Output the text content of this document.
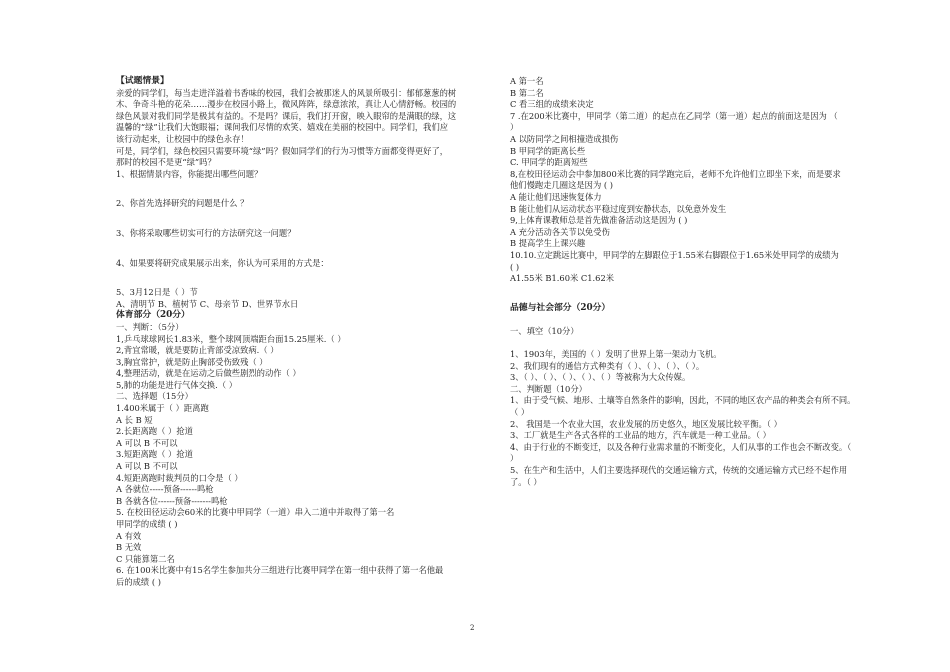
【试题情景】
亲爱的同学们，每当走进洋溢着书香味的校园，我们会被那迷人的风景所吸引：郁郁葱葱的树
木、争奇斗艳的花朵……漫步在校园小路上，微风阵阵，绿意浓浓，真让人心情舒畅。校园的
绿色风景对我们同学是极其有益的。不是吗？课后，我们打开窗，映入眼帘的是满眼的绿，这
温馨的“绿”让我们大饱眼福；课间我们尽情的欢笑、嬉戏在美丽的校园中。同学们，我们应
该行动起来，让校园中的绿色永存！
可是，同学们，绿色校园只需要环境“绿”吗？假如同学们的行为习惯等方面都变得更好了，
那时的校园不是更“绿”吗？
1、根据情景内容，你能提出哪些问题？
2、你首先选择研究的问题是什么 ？
3、你将采取哪些切实可行的方法研究这一问题？
4、如果要将研究成果展示出来，你认为可采用的方式是：
5、3月12日是（ ）节
A、清明节 B、植树节 C、母亲节 D、世界节水日
体育部分（20分）
一、判断：（5分）
1,乒乓球球网长1.83米，整个球网顶端距台面15.25厘米.（ ）
2,背宜常暖，就是要防止背部受凉致病.（ ）
3,胸宜常护，就是防止胸部受伤致残（ ）
4,整理活动，就是在运动之后做些剧烈的动作（ ）
5,肺的功能是进行气体交换.（ ）
二、选择题（15分）
1.400米属于（ ）距离跑
A 长 B 短
2.长距离跑（ ）抢道
A 可以 B 不可以
3.短距离跑（ ）抢道
A 可以 B 不可以
4.短距离跑时裁判员的口令是（ ）
A 各就位-----预备------鸣枪
B 各就各位------预备-------鸣枪
5. 在校田径运动会60米的比赛中甲同学（一道）串入二道中并取得了第一名
甲同学的成绩 ( )
A 有效
B 无效
C 只能算第二名
6. 在100米比赛中有15名学生参加共分三组进行比赛甲同学在第一组中获得了第一名他最
后的成绩 ( )
A 第一名
B 第二名
C 看三组的成绩来决定
7 .在200米比赛中，甲同学（第二道）的起点在乙同学（第一道）起点的前面这是因为 （
）
A 以防同学之间相撞造成损伤
B 甲同学的距离长些
C. 甲同学的距离短些
8,在校田径运动会中参加800米比赛的同学跑完后，老师不允许他们立即坐下来，而是要求
他们慢跑走几圈这是因为 ( )
A 能让他们迅速恢复体力
B 能让他们从运动状态平稳过度到安静状态，以免意外发生
9,上体育课教师总是首先做准备活动这是因为 ( )
A 充分活动各关节以免受伤
B 提高学生上课兴趣
10.10.立定跳远比赛中，甲同学的左脚跟位于1.55米右脚跟位于1.65米处甲同学的成绩为
( )
A1.55米 B1.60米 C1.62米
品德与社会部分（20分）
一、填空（10分）
1、1903年，美国的（ ）发明了世界上第一架动力飞机。
2、我们现有的通信方式种类有（ ）、（ ）、（ ）、（ ）。
3、（ ）、（ ）、（ ）、（ ）、（ ）等被称为大众传媒。
二、判断题（10分）
1、由于受气候、地形、土壤等自然条件的影响，因此，不同的地区农产品的种类会有所不同。
（ ）
2、 我国是一个农业大国，农业发展的历史悠久，地区发展比较平衡。（ ）
3、工厂就是生产各式各样的工业品的地方，汽车就是一种工业品。（ ）
4、由于行业的不断变迁，以及各种行业需求量的不断变化，人们从事的工作也会不断改变。（
）
5、在生产和生活中，人们主要选择现代的交通运输方式，传统的交通运输方式已经不起作用
了。（ ）
2
